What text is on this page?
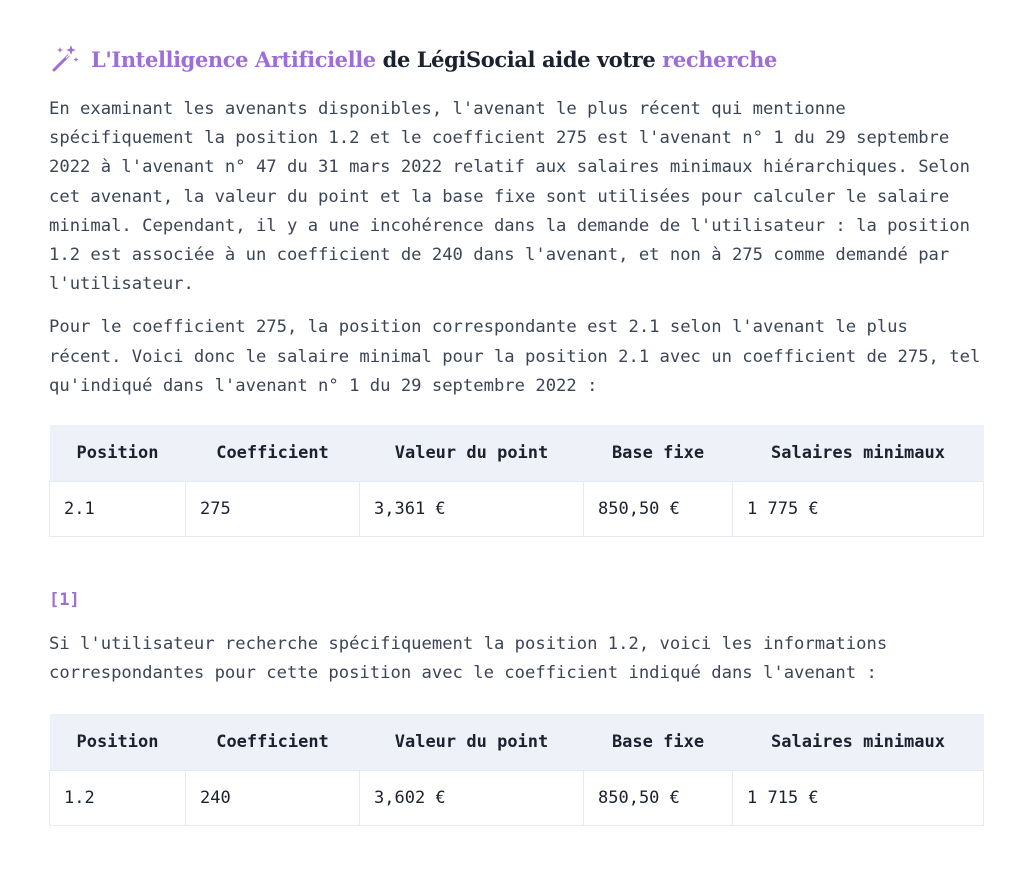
L'Intelligence Artificielle de LégiSocial aide votre recherche

En examinant les avenants disponibles, l'avenant le plus récent qui mentionne spécifiquement la position 1.2 et le coefficient 275 est l'avenant n° 1 du 29 septembre 2022 à l'avenant n° 47 du 31 mars 2022 relatif aux salaires minimaux hiérarchiques. Selon cet avenant, la valeur du point et la base fixe sont utilisées pour calculer le salaire minimal. Cependant, il y a une incohérence dans la demande de l'utilisateur : la position 1.2 est associée à un coefficient de 240 dans l'avenant, et non à 275 comme demandé par l'utilisateur.

Pour le coefficient 275, la position correspondante est 2.1 selon l'avenant le plus récent. Voici donc le salaire minimal pour la position 2.1 avec un coefficient de 275, tel qu'indiqué dans l'avenant n° 1 du 29 septembre 2022 :

Position	Coefficient	Valeur du point	Base fixe	Salaires minimaux
2.1	275	3,361 €	850,50 €	1 775 €
[1]

Si l'utilisateur recherche spécifiquement la position 1.2, voici les informations correspondantes pour cette position avec le coefficient indiqué dans l'avenant :

Position	Coefficient	Valeur du point	Base fixe	Salaires minimaux
1.2	240	3,602 €	850,50 €	1 715 €
